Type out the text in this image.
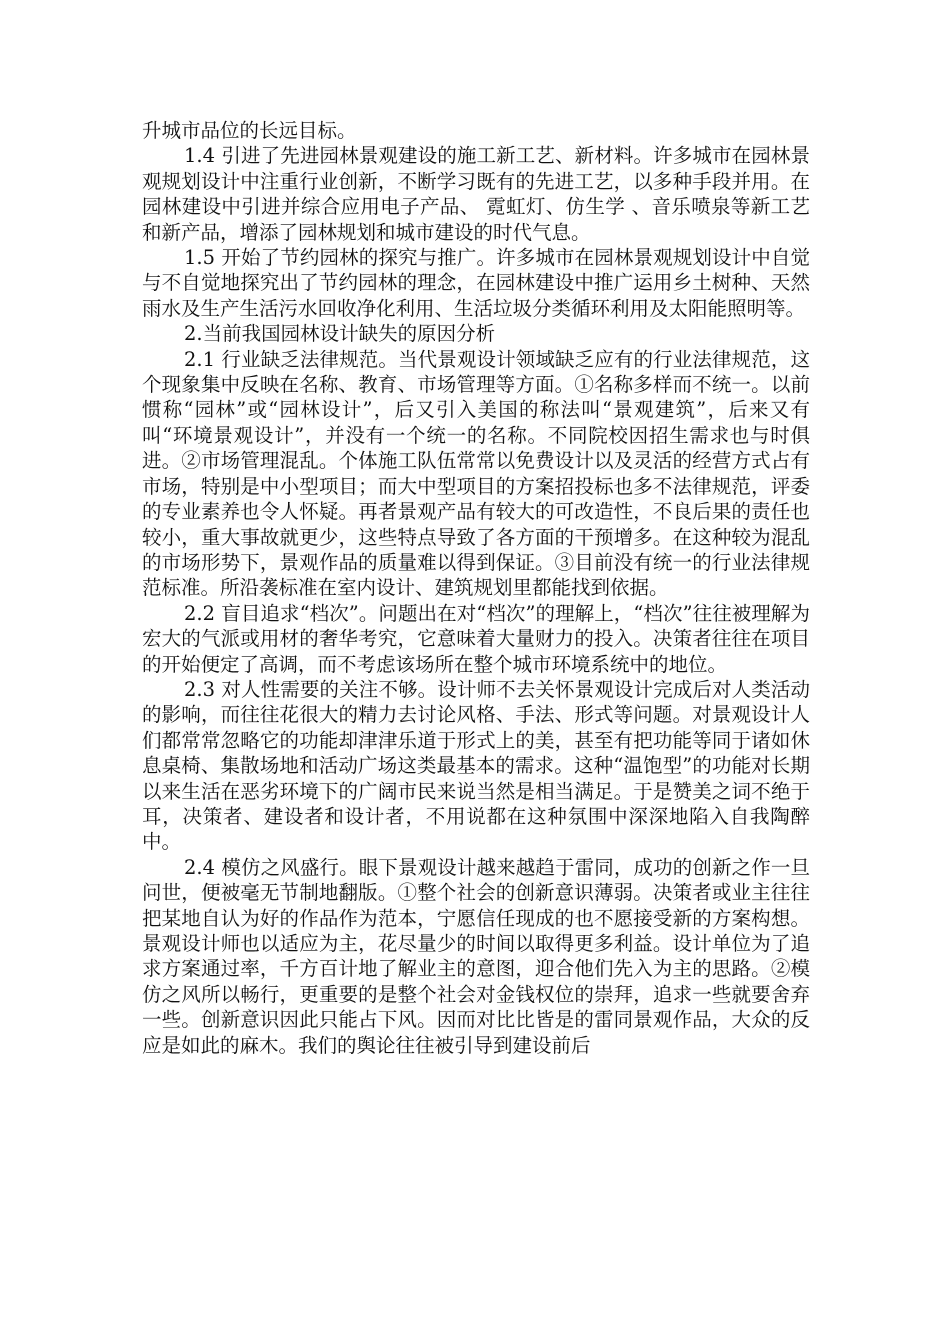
升城市品位的长远目标。

1.4 引进了先进园林景观建设的施工新工艺、新材料。许多城市在园林景观规划设计中注重行业创新，不断学习既有的先进工艺，以多种手段并用。在园林建设中引进并综合应用电子产品、 霓虹灯、仿生学 、音乐喷泉等新工艺和新产品，增添了园林规划和城市建设的时代气息。

1.5 开始了节约园林的探究与推广。许多城市在园林景观规划设计中自觉与不自觉地探究出了节约园林的理念，在园林建设中推广运用乡土树种、天然雨水及生产生活污水回收净化利用、生活垃圾分类循环利用及太阳能照明等。

2.当前我国园林设计缺失的原因分析

2.1 行业缺乏法律规范。当代景观设计领域缺乏应有的行业法律规范，这个现象集中反映在名称、教育、市场管理等方面。①名称多样而不统一。以前惯称“园林”或“园林设计”，后又引入美国的称法叫“景观建筑”，后来又有叫“环境景观设计”，并没有一个统一的名称。不同院校因招生需求也与时俱进。②市场管理混乱。个体施工队伍常常以免费设计以及灵活的经营方式占有市场，特别是中小型项目；而大中型项目的方案招投标也多不法律规范，评委的专业素养也令人怀疑。再者景观产品有较大的可改造性，不良后果的责任也较小，重大事故就更少，这些特点导致了各方面的干预增多。在这种较为混乱的市场形势下，景观作品的质量难以得到保证。③目前没有统一的行业法律规范标准。所沿袭标准在室内设计、建筑规划里都能找到依据。

2.2 盲目追求“档次”。问题出在对“档次”的理解上，“档次”往往被理解为宏大的气派或用材的奢华考究，它意味着大量财力的投入。决策者往往在项目的开始便定了高调，而不考虑该场所在整个城市环境系统中的地位。

2.3 对人性需要的关注不够。设计师不去关怀景观设计完成后对人类活动的影响，而往往花很大的精力去讨论风格、手法、形式等问题。对景观设计人们都常常忽略它的功能却津津乐道于形式上的美，甚至有把功能等同于诸如休息桌椅、集散场地和活动广场这类最基本的需求。这种“温饱型”的功能对长期以来生活在恶劣环境下的广阔市民来说当然是相当满足。于是赞美之词不绝于耳，决策者、建设者和设计者，不用说都在这种氛围中深深地陷入自我陶醉中。

2.4 模仿之风盛行。眼下景观设计越来越趋于雷同，成功的创新之作一旦问世，便被毫无节制地翻版。①整个社会的创新意识薄弱。决策者或业主往往把某地自认为好的作品作为范本，宁愿信任现成的也不愿接受新的方案构想。景观设计师也以适应为主，花尽量少的时间以取得更多利益。设计单位为了追求方案通过率，千方百计地了解业主的意图，迎合他们先入为主的思路。②模仿之风所以畅行，更重要的是整个社会对金钱权位的崇拜，追求一些就要舍弃一些。创新意识因此只能占下风。因而对比比皆是的雷同景观作品，大众的反应是如此的麻木。我们的舆论往往被引导到建设前后
